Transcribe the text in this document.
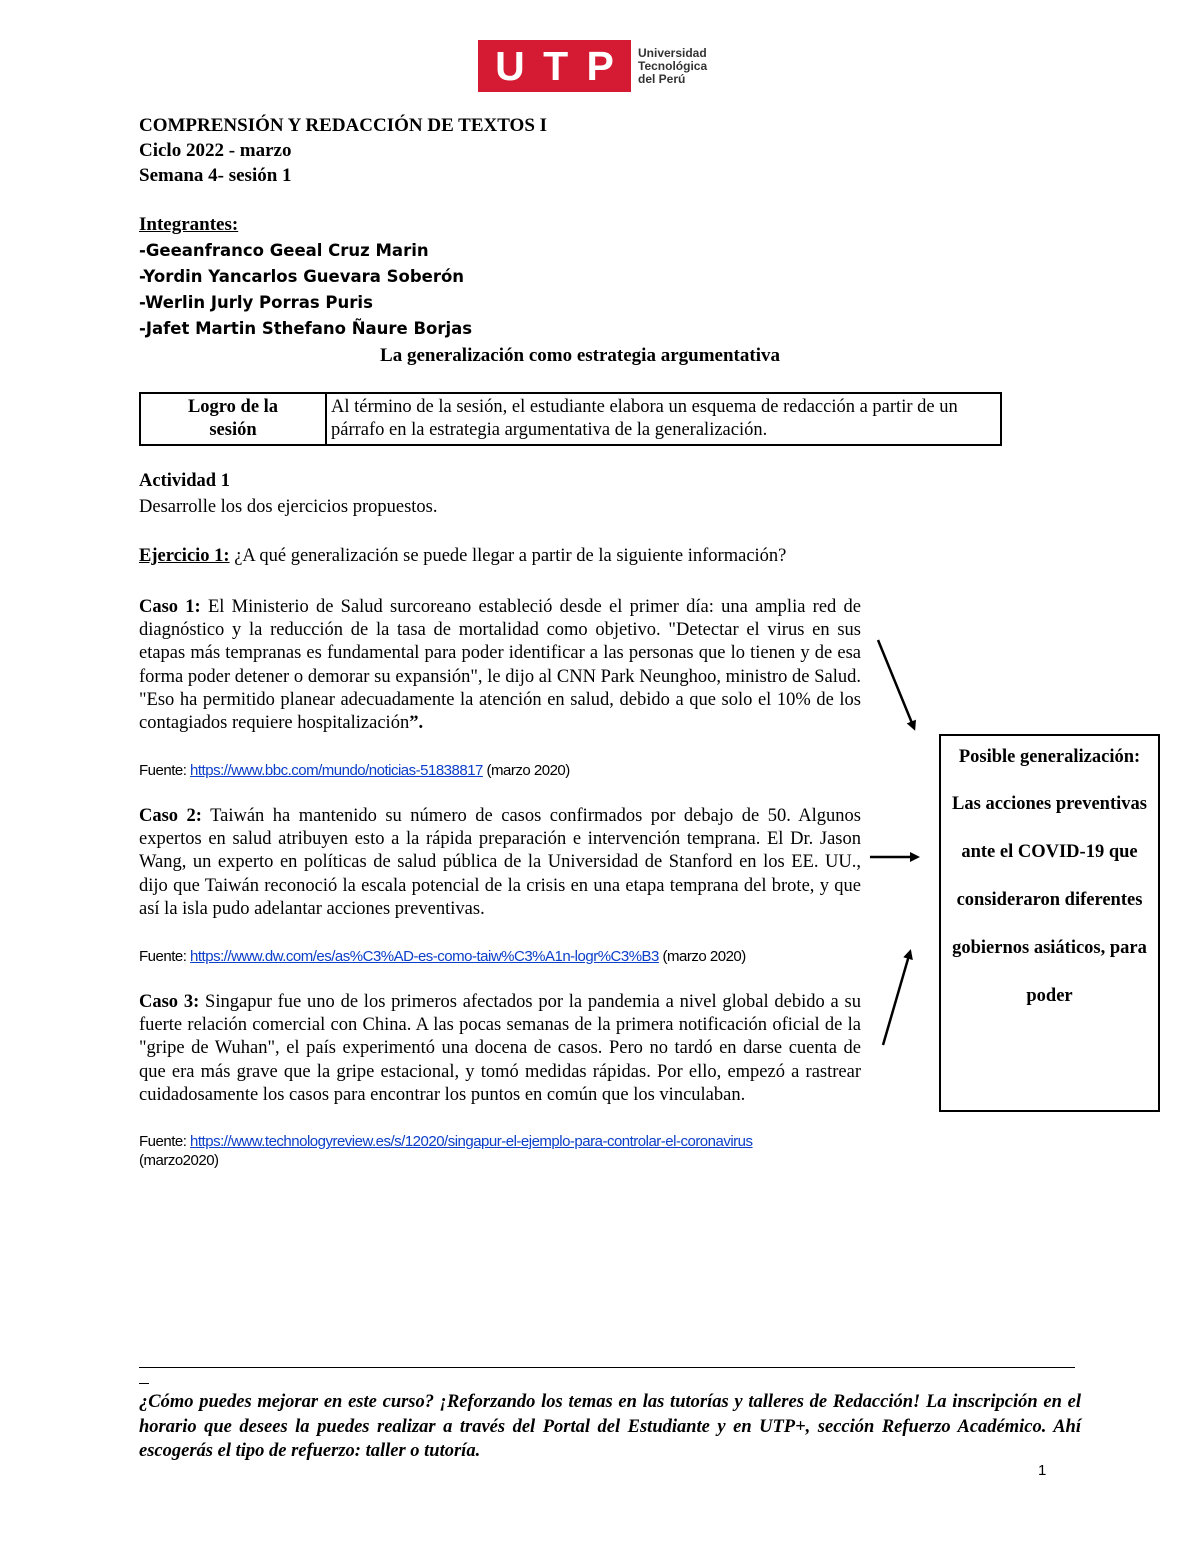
U T P Universidad
Tecnológica
del Perú
COMPRENSIÓN Y REDACCIÓN DE TEXTOS I
Ciclo 2022 - marzo
Semana 4- sesión 1
Integrantes:
-Geeanfranco Geeal Cruz Marin
-Yordin Yancarlos Guevara Soberón
-Werlin Jurly Porras Puris
-Jafet Martin Sthefano Ñaure Borjas
La generalización como estrategia argumentativa
Logro de la
sesión
	Al término de la sesión, el estudiante elabora un esquema de redacción a partir de un párrafo en la estrategia argumentativa de la generalización.
Actividad 1
Desarrolle los dos ejercicios propuestos.
Ejercicio 1: ¿A qué generalización se puede llegar a partir de la siguiente información?
Caso 1: El Ministerio de Salud surcoreano estableció desde el primer día: una amplia red de diagnóstico y la reducción de la tasa de mortalidad como objetivo. "Detectar el virus en sus etapas más tempranas es fundamental para poder identificar a las personas que lo tienen y de esa forma poder detener o demorar su expansión", le dijo al CNN Park Neunghoo, ministro de Salud. "Eso ha permitido planear adecuadamente la atención en salud, debido a que solo el 10% de los contagiados requiere hospitalización”.
Fuente: https://www.bbc.com/mundo/noticias-51838817 (marzo 2020)
Caso 2: Taiwán ha mantenido su número de casos confirmados por debajo de 50. Algunos expertos en salud atribuyen esto a la rápida preparación e intervención temprana. El Dr. Jason Wang, un experto en políticas de salud pública de la Universidad de Stanford en los EE. UU., dijo que Taiwán reconoció la escala potencial de la crisis en una etapa temprana del brote, y que así la isla pudo adelantar acciones preventivas.
Fuente: https://www.dw.com/es/as%C3%AD-es-como-taiw%C3%A1n-logr%C3%B3 (marzo 2020)
Caso 3: Singapur fue uno de los primeros afectados por la pandemia a nivel global debido a su fuerte relación comercial con China. A las pocas semanas de la primera notificación oficial de la "gripe de Wuhan", el país experimentó una docena de casos. Pero no tardó en darse cuenta de que era más grave que la gripe estacional, y tomó medidas rápidas. Por ello, empezó a rastrear cuidadosamente los casos para encontrar los puntos en común que los vinculaban.
Fuente: https://www.technologyreview.es/s/12020/singapur-el-ejemplo-para-controlar-el-coronavirus
(marzo2020)
Posible generalización:
Las acciones preventivas ante el COVID-19 que consideraron diferentes gobiernos asiáticos, para poder
¿Cómo puedes mejorar en este curso? ¡Reforzando los temas en las tutorías y talleres de Redacción! La inscripción en el horario que desees la puedes realizar a través del Portal del Estudiante y en UTP+, sección Refuerzo Académico. Ahí escogerás el tipo de refuerzo: taller o tutoría.
1
